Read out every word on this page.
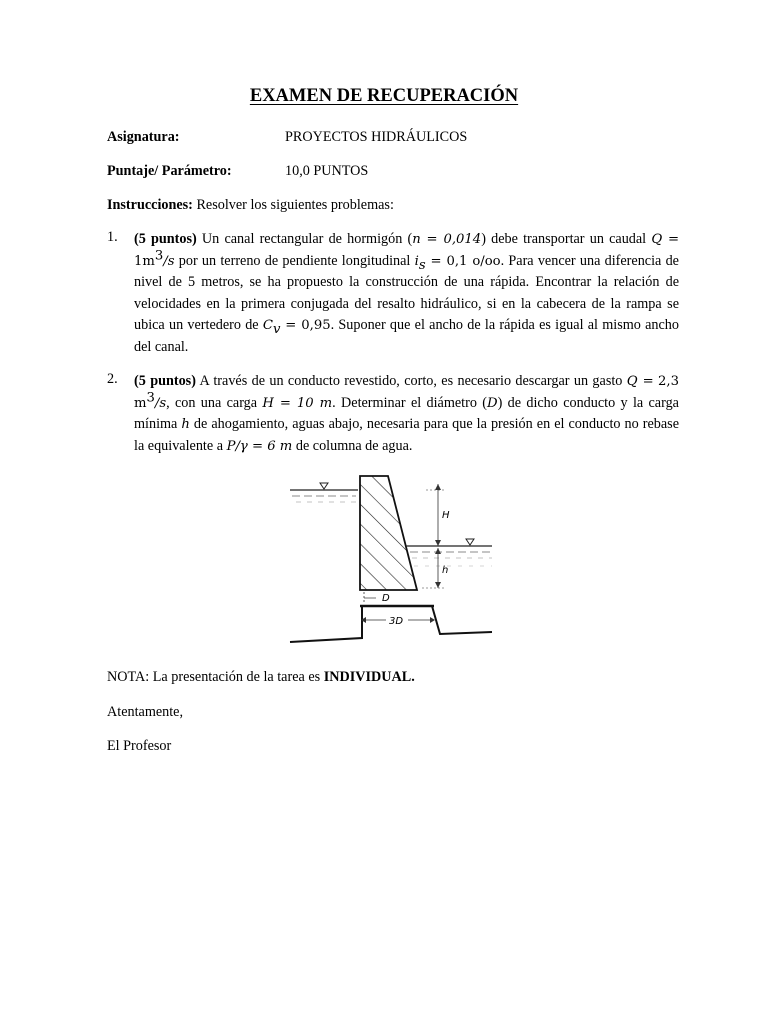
EXAMEN DE RECUPERACIÓN
Asignatura:	PROYECTOS HIDRÁULICOS
Puntaje/ Parámetro:	10,0 PUNTOS
Instrucciones: Resolver los siguientes problemas:
1. (5 puntos) Un canal rectangular de hormigón (n = 0,014) debe transportar un caudal $Q = 1m^3/s$ por un terreno de pendiente longitudinal $i_s = 0,1$ o/oo. Para vencer una diferencia de nivel de 5 metros, se ha propuesto la construcción de una rápida. Encontrar la relación de velocidades en la primera conjugada del resalto hidráulico, si en la cabecera de la rampa se ubica un vertedero de $C_v = 0,95$. Suponer que el ancho de la rápida es igual al mismo ancho del canal.
2. (5 puntos) A través de un conducto revestido, corto, es necesario descargar un gasto Q = 2,3 $m^3/s$, con una carga H = 10 m. Determinar el diámetro (D) de dicho conducto y la carga mínima h de ahogamiento, aguas abajo, necesaria para que la presión en el conducto no rebase la equivalente a P/γ = 6 m de columna de agua.
H
h
D
3D
NOTA: La presentación de la tarea es INDIVIDUAL.
Atentamente,
El Profesor
